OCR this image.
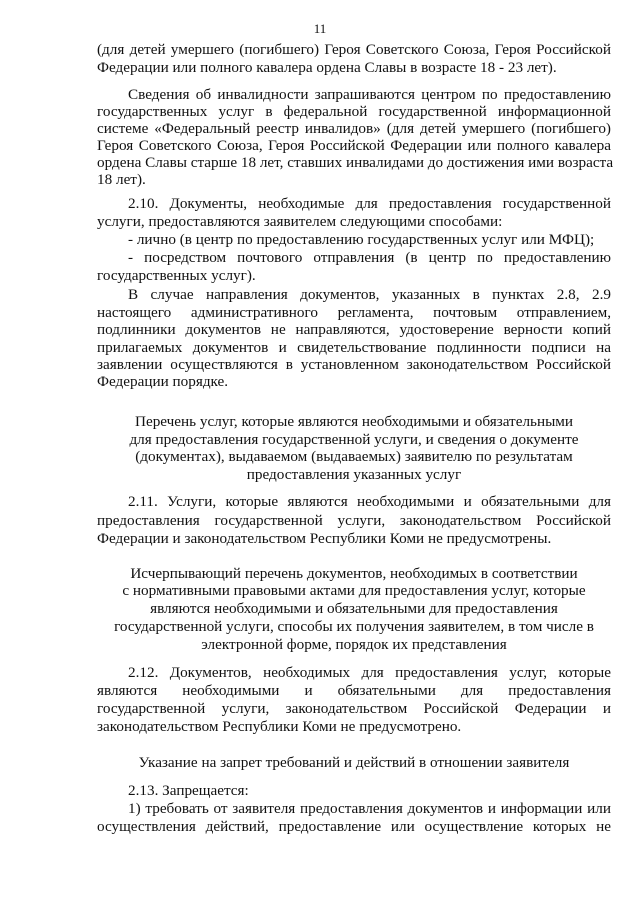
11
(для детей умершего (погибшего) Героя Советского Союза, Героя Российской
Федерации или полного кавалера ордена Славы в возрасте 18 - 23 лет).
Сведения об инвалидности запрашиваются центром по предоставлению
государственных услуг в федеральной государственной информационной
системе «Федеральный реестр инвалидов» (для детей умершего (погибшего)
Героя Советского Союза, Героя Российской Федерации или полного кавалера
ордена Славы старше 18 лет, ставших инвалидами до достижения ими возраста
18 лет).
2.10. Документы, необходимые для предоставления государственной
услуги, предоставляются заявителем следующими способами:
- лично (в центр по предоставлению государственных услуг или МФЦ);
- посредством почтового отправления (в центр по предоставлению
государственных услуг).
В случае направления документов, указанных в пунктах 2.8, 2.9
настоящего административного регламента, почтовым отправлением,
подлинники документов не направляются, удостоверение верности копий
прилагаемых документов и свидетельствование подлинности подписи на
заявлении осуществляются в установленном законодательством Российской
Федерации порядке.
Перечень услуг, которые являются необходимыми и обязательными
для предоставления государственной услуги, и сведения о документе
(документах), выдаваемом (выдаваемых) заявителю по результатам
предоставления указанных услуг
2.11. Услуги, которые являются необходимыми и обязательными для
предоставления государственной услуги, законодательством Российской
Федерации и законодательством Республики Коми не предусмотрены.
Исчерпывающий перечень документов, необходимых в соответствии
с нормативными правовыми актами для предоставления услуг, которые
являются необходимыми и обязательными для предоставления
государственной услуги, способы их получения заявителем, в том числе в
электронной форме, порядок их представления
2.12. Документов, необходимых для предоставления услуг, которые
являются необходимыми и обязательными для предоставления
государственной услуги, законодательством Российской Федерации и
законодательством Республики Коми не предусмотрено.
Указание на запрет требований и действий в отношении заявителя
2.13. Запрещается:
1) требовать от заявителя предоставления документов и информации или
осуществления действий, предоставление или осуществление которых не
